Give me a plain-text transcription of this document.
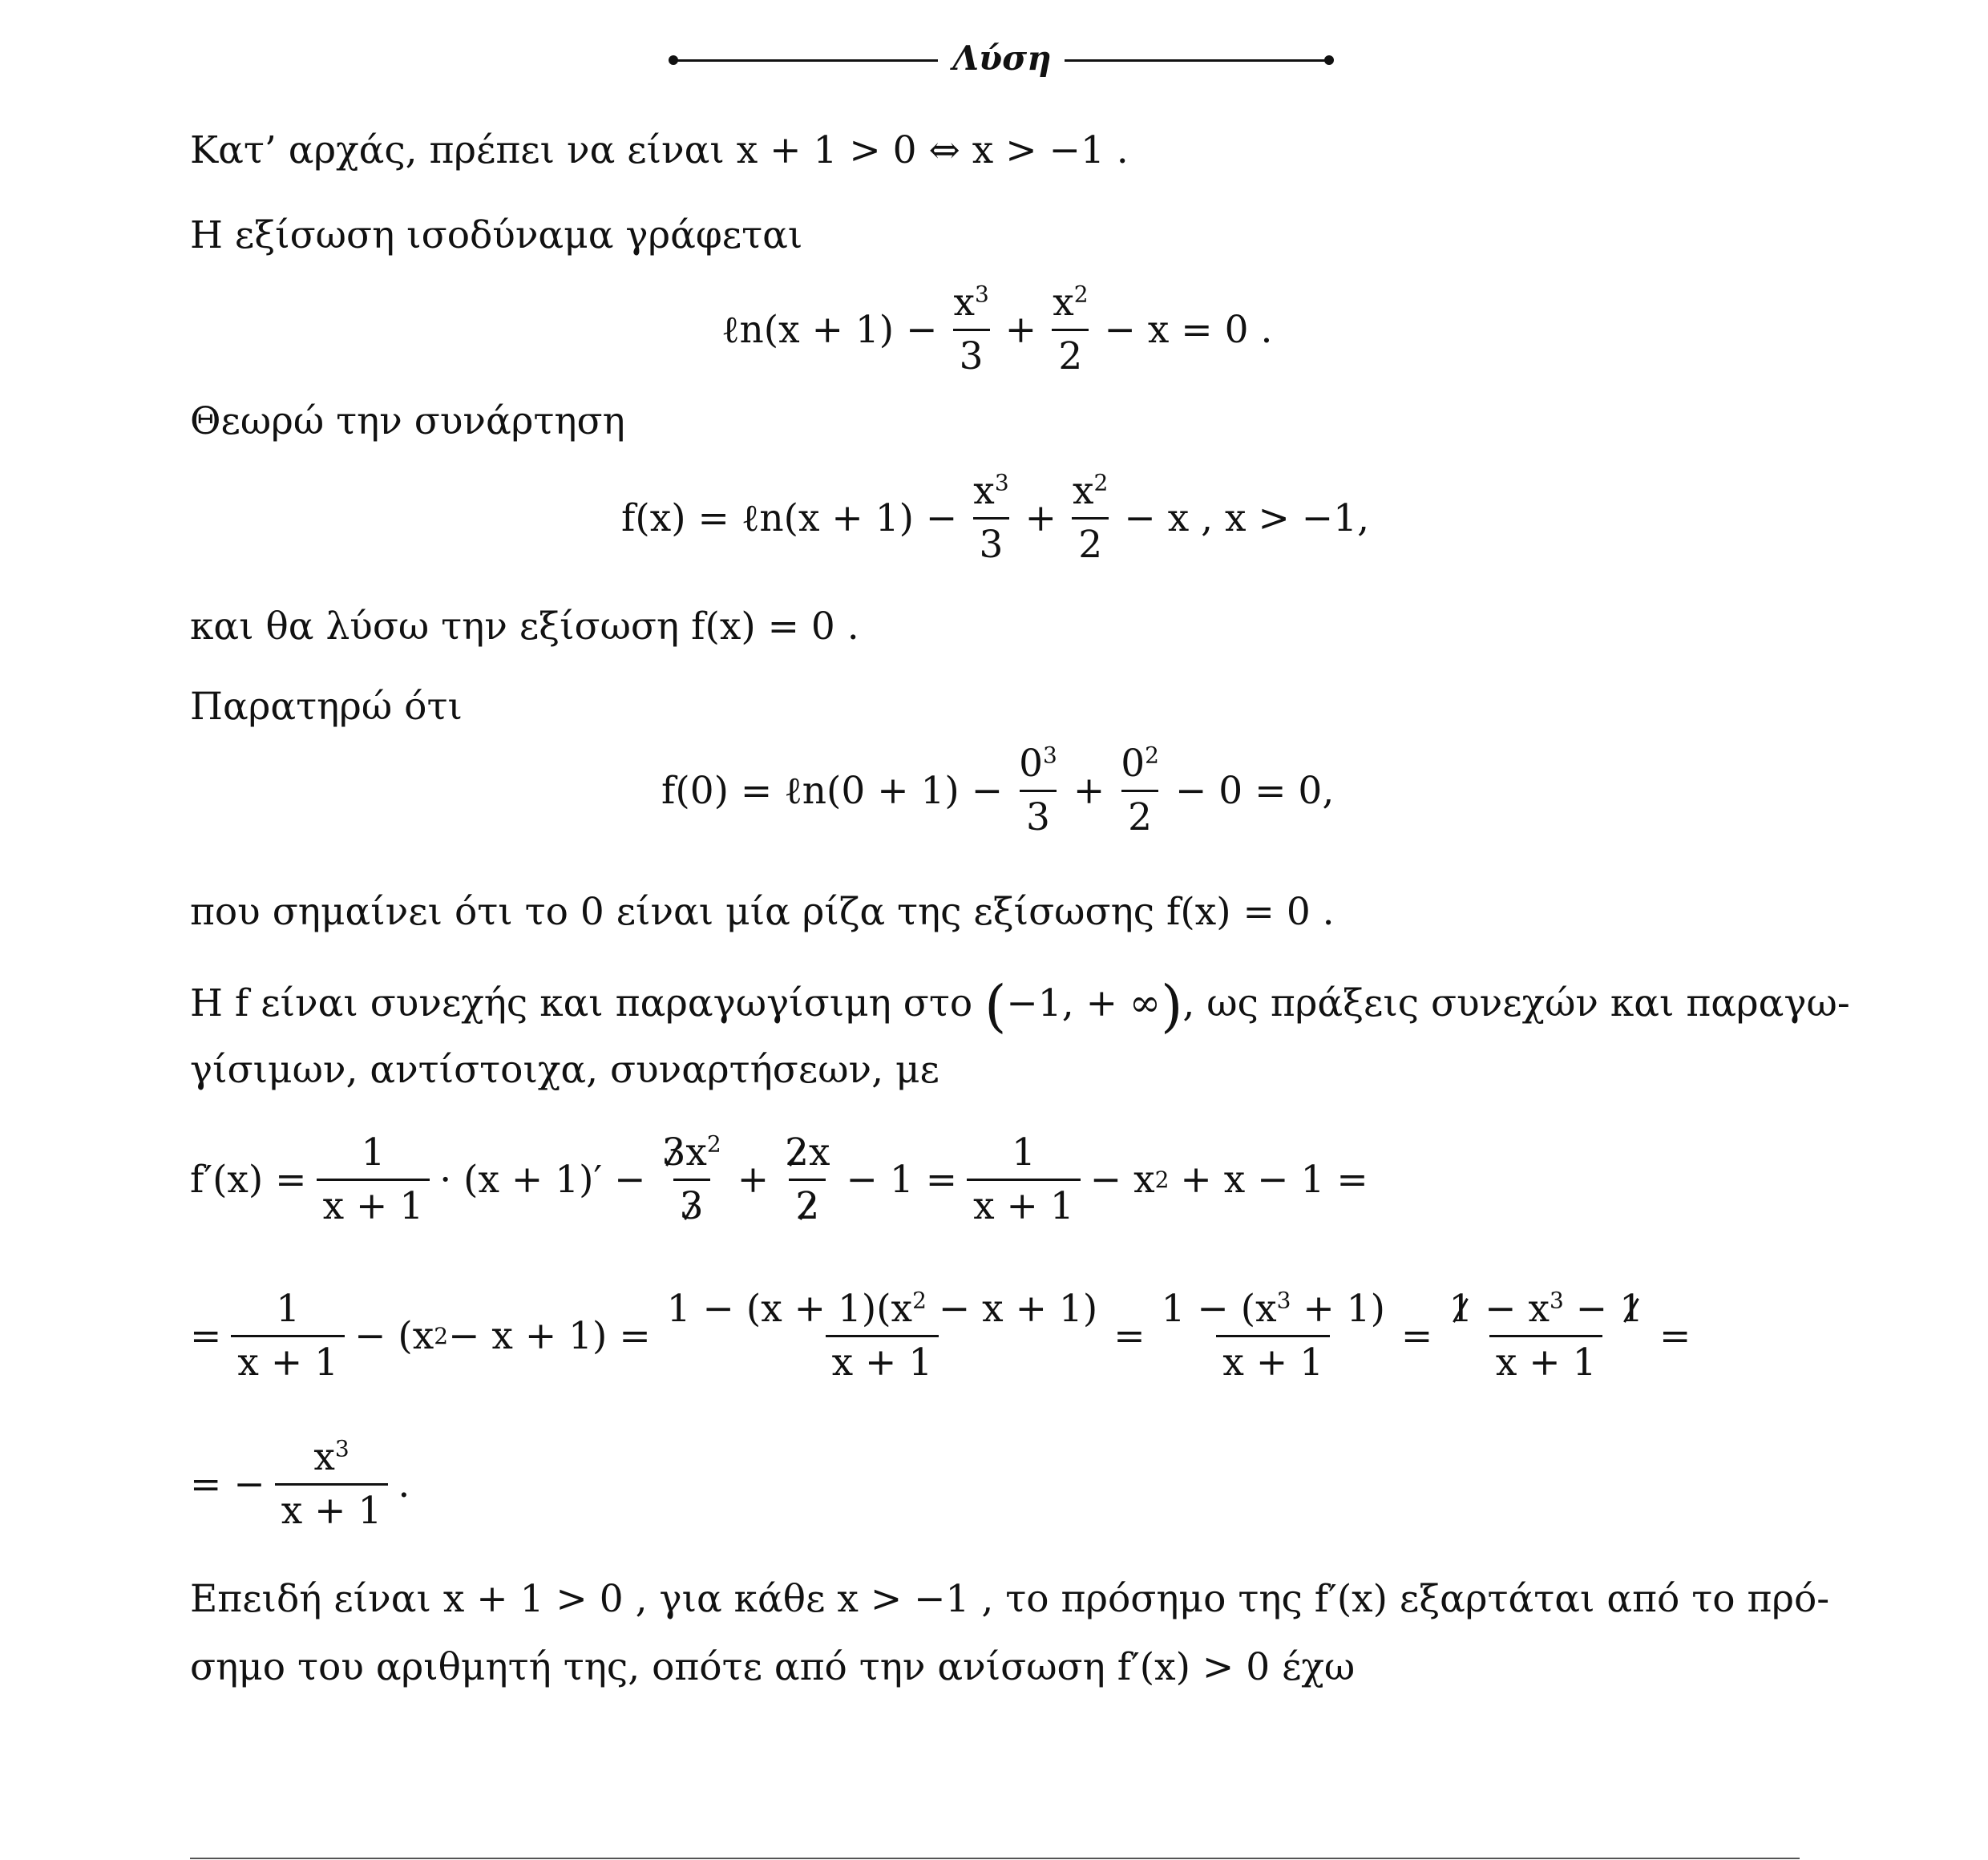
Λύση
Κατ’ αρχάς, πρέπει να είναι x + 1 > 0 ⇔ x > −1 .
Η εξίσωση ισοδύναμα γράφεται
ℓn(x + $1) - \frac{x^3}{3} + \frac{x^2}{2} - x = 0$ .
Θεωρώ την συνάρτηση
f(x) = ℓn(x + $1) - \frac{x^3}{3} + \frac{x^2}{2} - x$ , x > −1,
και θα λύσω την εξίσωση f(x) = 0 .
Παρατηρώ ότι
f(0) = ℓn(0 + $1) - \frac{0^3}{3} + \frac{0^2}{2} - 0 = 0$,
που σημαίνει ότι το 0 είναι μία ρίζα της εξίσωσης f(x) = 0 .
Η f είναι συνεχής και παραγωγίσιμη στο (−1, + ∞), ως πράξεις συνεχών και παραγω-
γίσιμων, αντίστοιχα, συναρτήσεων, με
$f'(x) = \frac{1}{x + 1} \cdot (x + 1)' - \frac{3x^2}{3} + \frac{2x}{2} - 1 = \frac{1}{x + 1} - x$ 2 + x − 1 =
= $\frac{1}{x + 1} - (x$ $2 - x + 1) = \frac{1 - (x + 1)(x^2 - x + 1)}{x + 1} = \frac{1 - (x^3 + 1)}{x + 1} = \frac{1 - x^3 - 1}{x + 1}$ =
= − $\frac{x^3}{x + 1}$ .
Επειδή είναι x + 1 > 0 , για κάθε x > −1 , το πρόσημο της f′(x) εξαρτάται από το πρό-
σημο του αριθμητή της, οπότε από την ανίσωση f′(x) > 0 έχω
